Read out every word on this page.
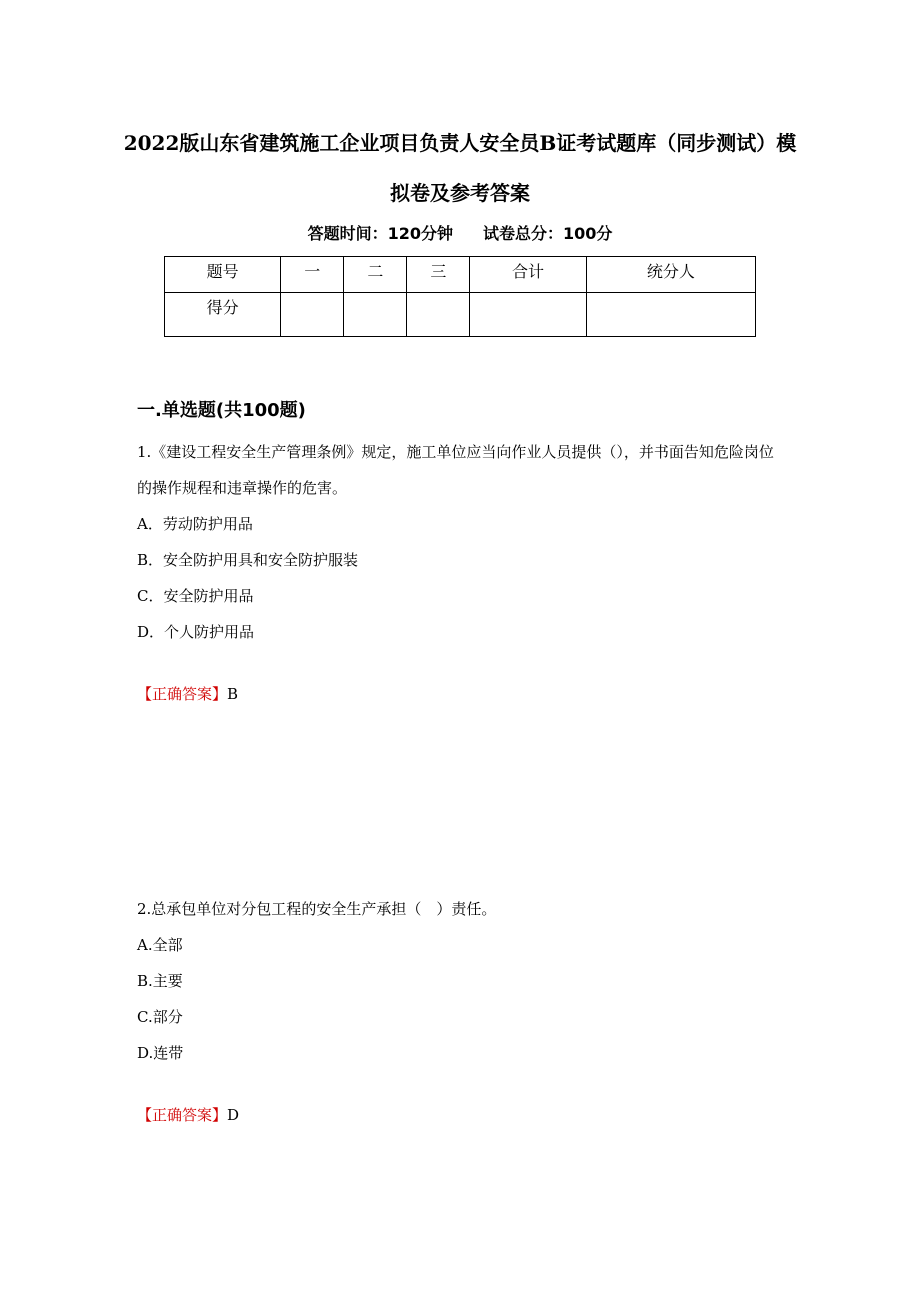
2022版山东省建筑施工企业项目负责人安全员B证考试题库（同步测试）模拟卷及参考答案
答题时间：120分钟 试卷总分：100分
题号	一	二	三	合计	统分人
得分					
一.单选题(共100题)

1.《建设工程安全生产管理条例》规定，施工单位应当向作业人员提供（），并书面告知危险岗位的操作规程和违章操作的危害。

A．劳动防护用品

B．安全防护用具和安全防护服装

C．安全防护用品

D．个人防护用品

【正确答案】B

2.总承包单位对分包工程的安全生产承担（　）责任。

A.全部

B.主要

C.部分

D.连带

【正确答案】D
